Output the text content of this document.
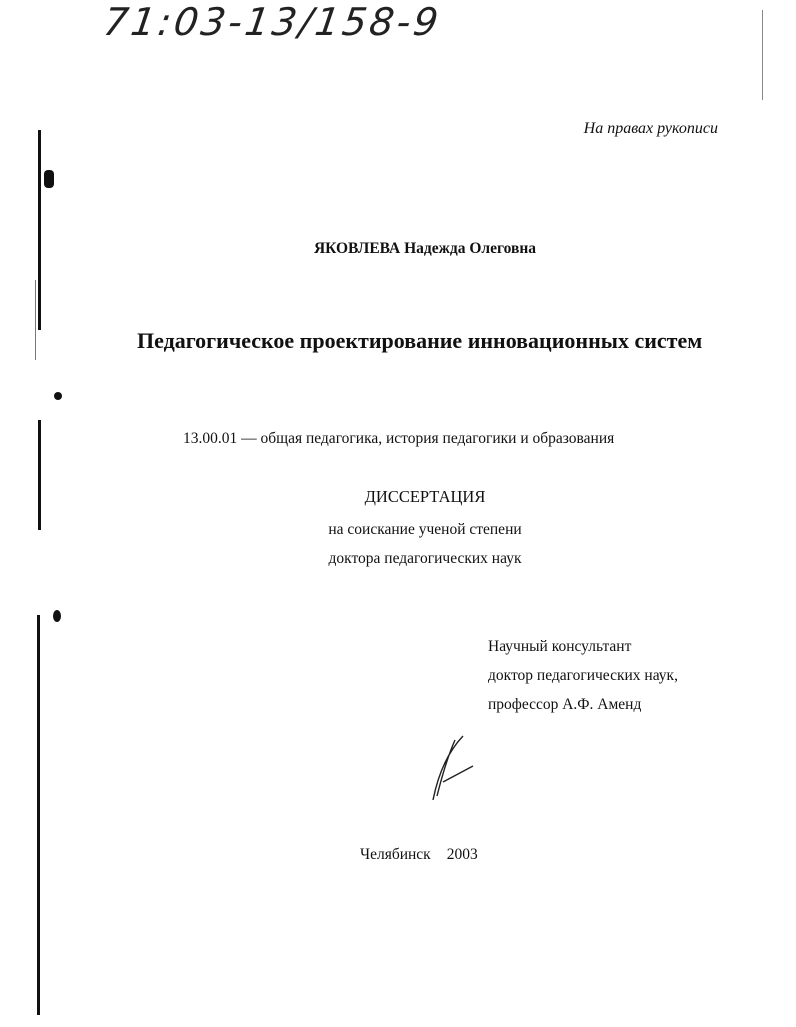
71:03-13/158-9
На правах рукописи
ЯКОВЛЕВА Надежда Олеговна
Педагогическое проектирование инновационных систем
13.00.01 — общая педагогика, история педагогики и образования
ДИССЕРТАЦИЯ
на соискание ученой степени
доктора педагогических наук
Научный консультант
доктор педагогических наук,
профессор А.Ф. Аменд
Челябинск 2003
